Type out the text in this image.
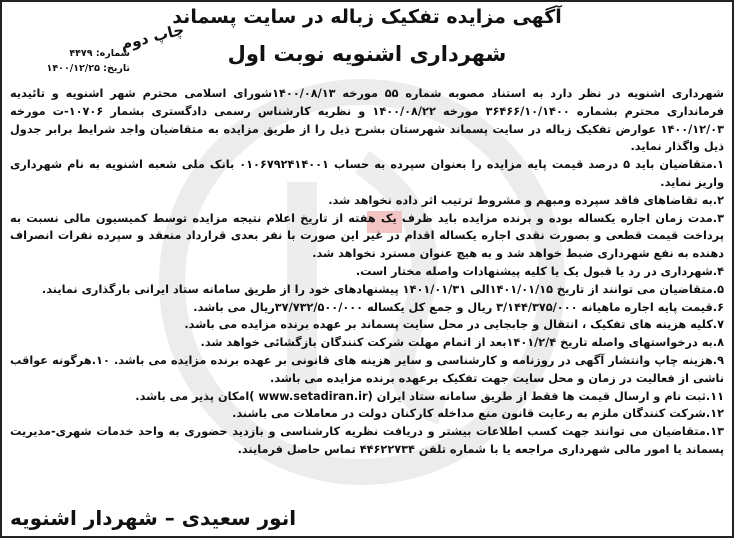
آگهی مزایده تفکیک زباله در سایت پسماند
چاپ دوم
شهرداری اشنویه نوبت اول
شماره: ۴۴۷۹
تاریخ: ۱۴۰۰/۱۲/۲۵

شهرداری اشنویه در نظر دارد به استناد مصوبه شماره ۵۵ مورخه ۱۴۰۰/۰۸/۱۳شورای اسلامی محترم شهر اشنویه و تائیدیه فرمانداری محترم بشماره ۳۶۴۶۶/۱۰/۱۴۰۰ مورخه ۱۴۰۰/۰۸/۲۲ و نظریه کارشناس رسمی دادگستری بشمار ۱۰۷۰۶-ت مورخه ۱۴۰۰/۱۲/۰۳ عوارض تفکیک زباله در سایت پسماند شهرستان بشرح ذیل را از طریق مزایده به متقاضیان واجد شرایط برابر جدول ذیل واگذار نماید.

۱.متقاضیان باید ۵ درصد قیمت پایه مزایده را بعنوان سپرده به حساب ۰۱۰۶۷۹۲۴۱۴۰۰۱ بانک ملی شعبه اشنویه به نام شهرداری واریز نماید.

۲.به تقاضاهای فاقد سپرده ومبهم و مشروط ترتیب اثر داده نخواهد شد.

۳.مدت زمان اجاره یکساله بوده و برنده مزایده باید ظرف یک هفته از تاریخ اعلام نتیجه مزایده توسط کمیسیون مالی نسبت به پرداخت قیمت قطعی و بصورت نقدی اجاره یکساله اقدام در غیر این صورت با نفر بعدی قرارداد منعقد و سپرده نفرات انصراف دهنده به نفع شهرداری ضبط خواهد شد و به هیچ عنوان مسترد نخواهد شد.

۴.شهرداری در رد یا قبول یک یا کلیه پیشنهادات واصله مختار است.

۵.متقاضیان می توانند از تاریخ ۱۴۰۱/۰۱/۱۵الی ۱۴۰۱/۰۱/۳۱ پیشنهادهای خود را از طریق سامانه ستاد ایرانی بارگذاری نمایند.

۶.قیمت پایه اجاره ماهیانه ۳/۱۴۴/۳۷۵/۰۰۰ ریال و جمع کل یکساله ۳۷/۷۳۲/۵۰۰/۰۰۰ریال می باشد.

۷.کلیه هزینه های تفکیک ، انتقال و جابجایی در محل سایت پسماند بر عهده برنده مزایده می باشد.

۸.به درخواستهای واصله تاریخ ۱۴۰۱/۲/۴بعد از اتمام مهلت شرکت کنندگان بازگشائی خواهد شد.

۹.هزینه چاپ وانتشار آگهی در روزنامه و کارشناسی و سایر هزینه های قانونی بر عهده برنده مزایده می باشد. ۱۰.هرگونه عواقب ناشی از فعالیت در زمان و محل سایت جهت تفکیک برعهده برنده مزایده می باشد.

۱۱.ثبت نام و ارسال قیمت ها فقط از طریق سامانه ستاد ایران (www.setadiran.ir )امکان پذیر می باشد.

۱۲.شرکت کنندگان ملزم به رعایت قانون منع مداخله کارکنان دولت در معاملات می باشند.

۱۳.متقاضیان می توانند جهت کسب اطلاعات بیشتر و دریافت نظریه کارشناسی و بازدید حضوری به واحد خدمات شهری-مدیریت پسماند یا امور مالی شهرداری مراجعه یا با شماره تلفن ۴۴۶۲۲۷۳۴ تماس حاصل فرمایند.

انور سعیدی – شهردار اشنویه
